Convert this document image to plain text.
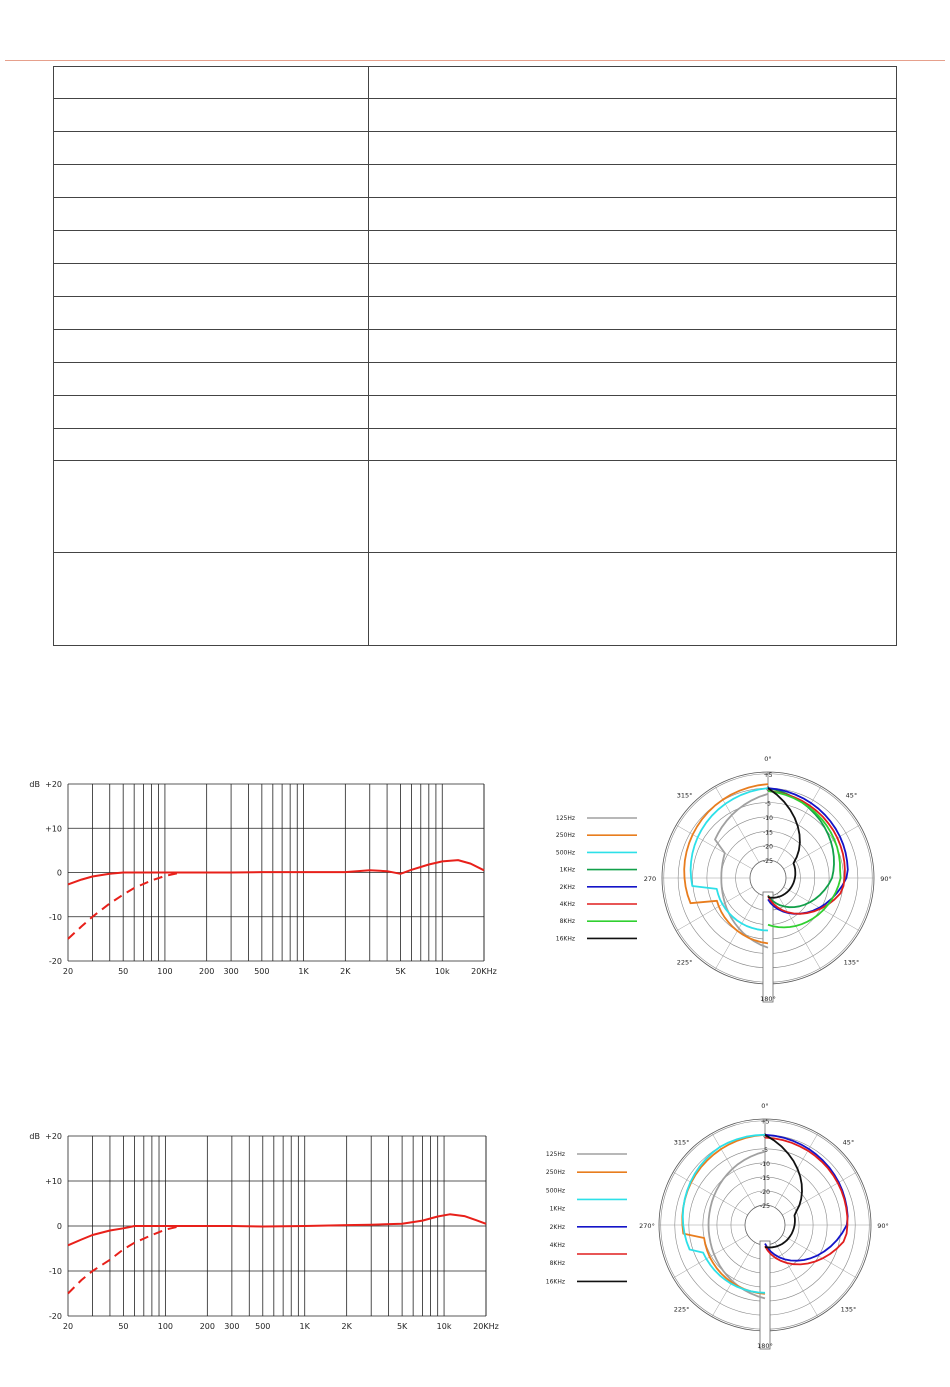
+20
+10
0
-10
-20
dB
20	50	100	200 300 500	1K	2K	5K	10k	20KHz
+5
0
-5
-10
-15
-20
-25
0°
45°
90°
135°
180°
225°
270
315°
125Hz
250Hz
500Hz
1KHz
2KHz
4KHz
8KHz
16KHz
+20
+10
0
-10
-20
dB
20	50	100	200 300 500	1K	2K	5K	10k	20KHz
+5
0
-5
-10
-15
-20
-25
0°
45°
90°
135°
180°
225°
270°
315°
125Hz
250Hz
500Hz
1KHz
2KHz
4KHz
8KHz
16KHz
